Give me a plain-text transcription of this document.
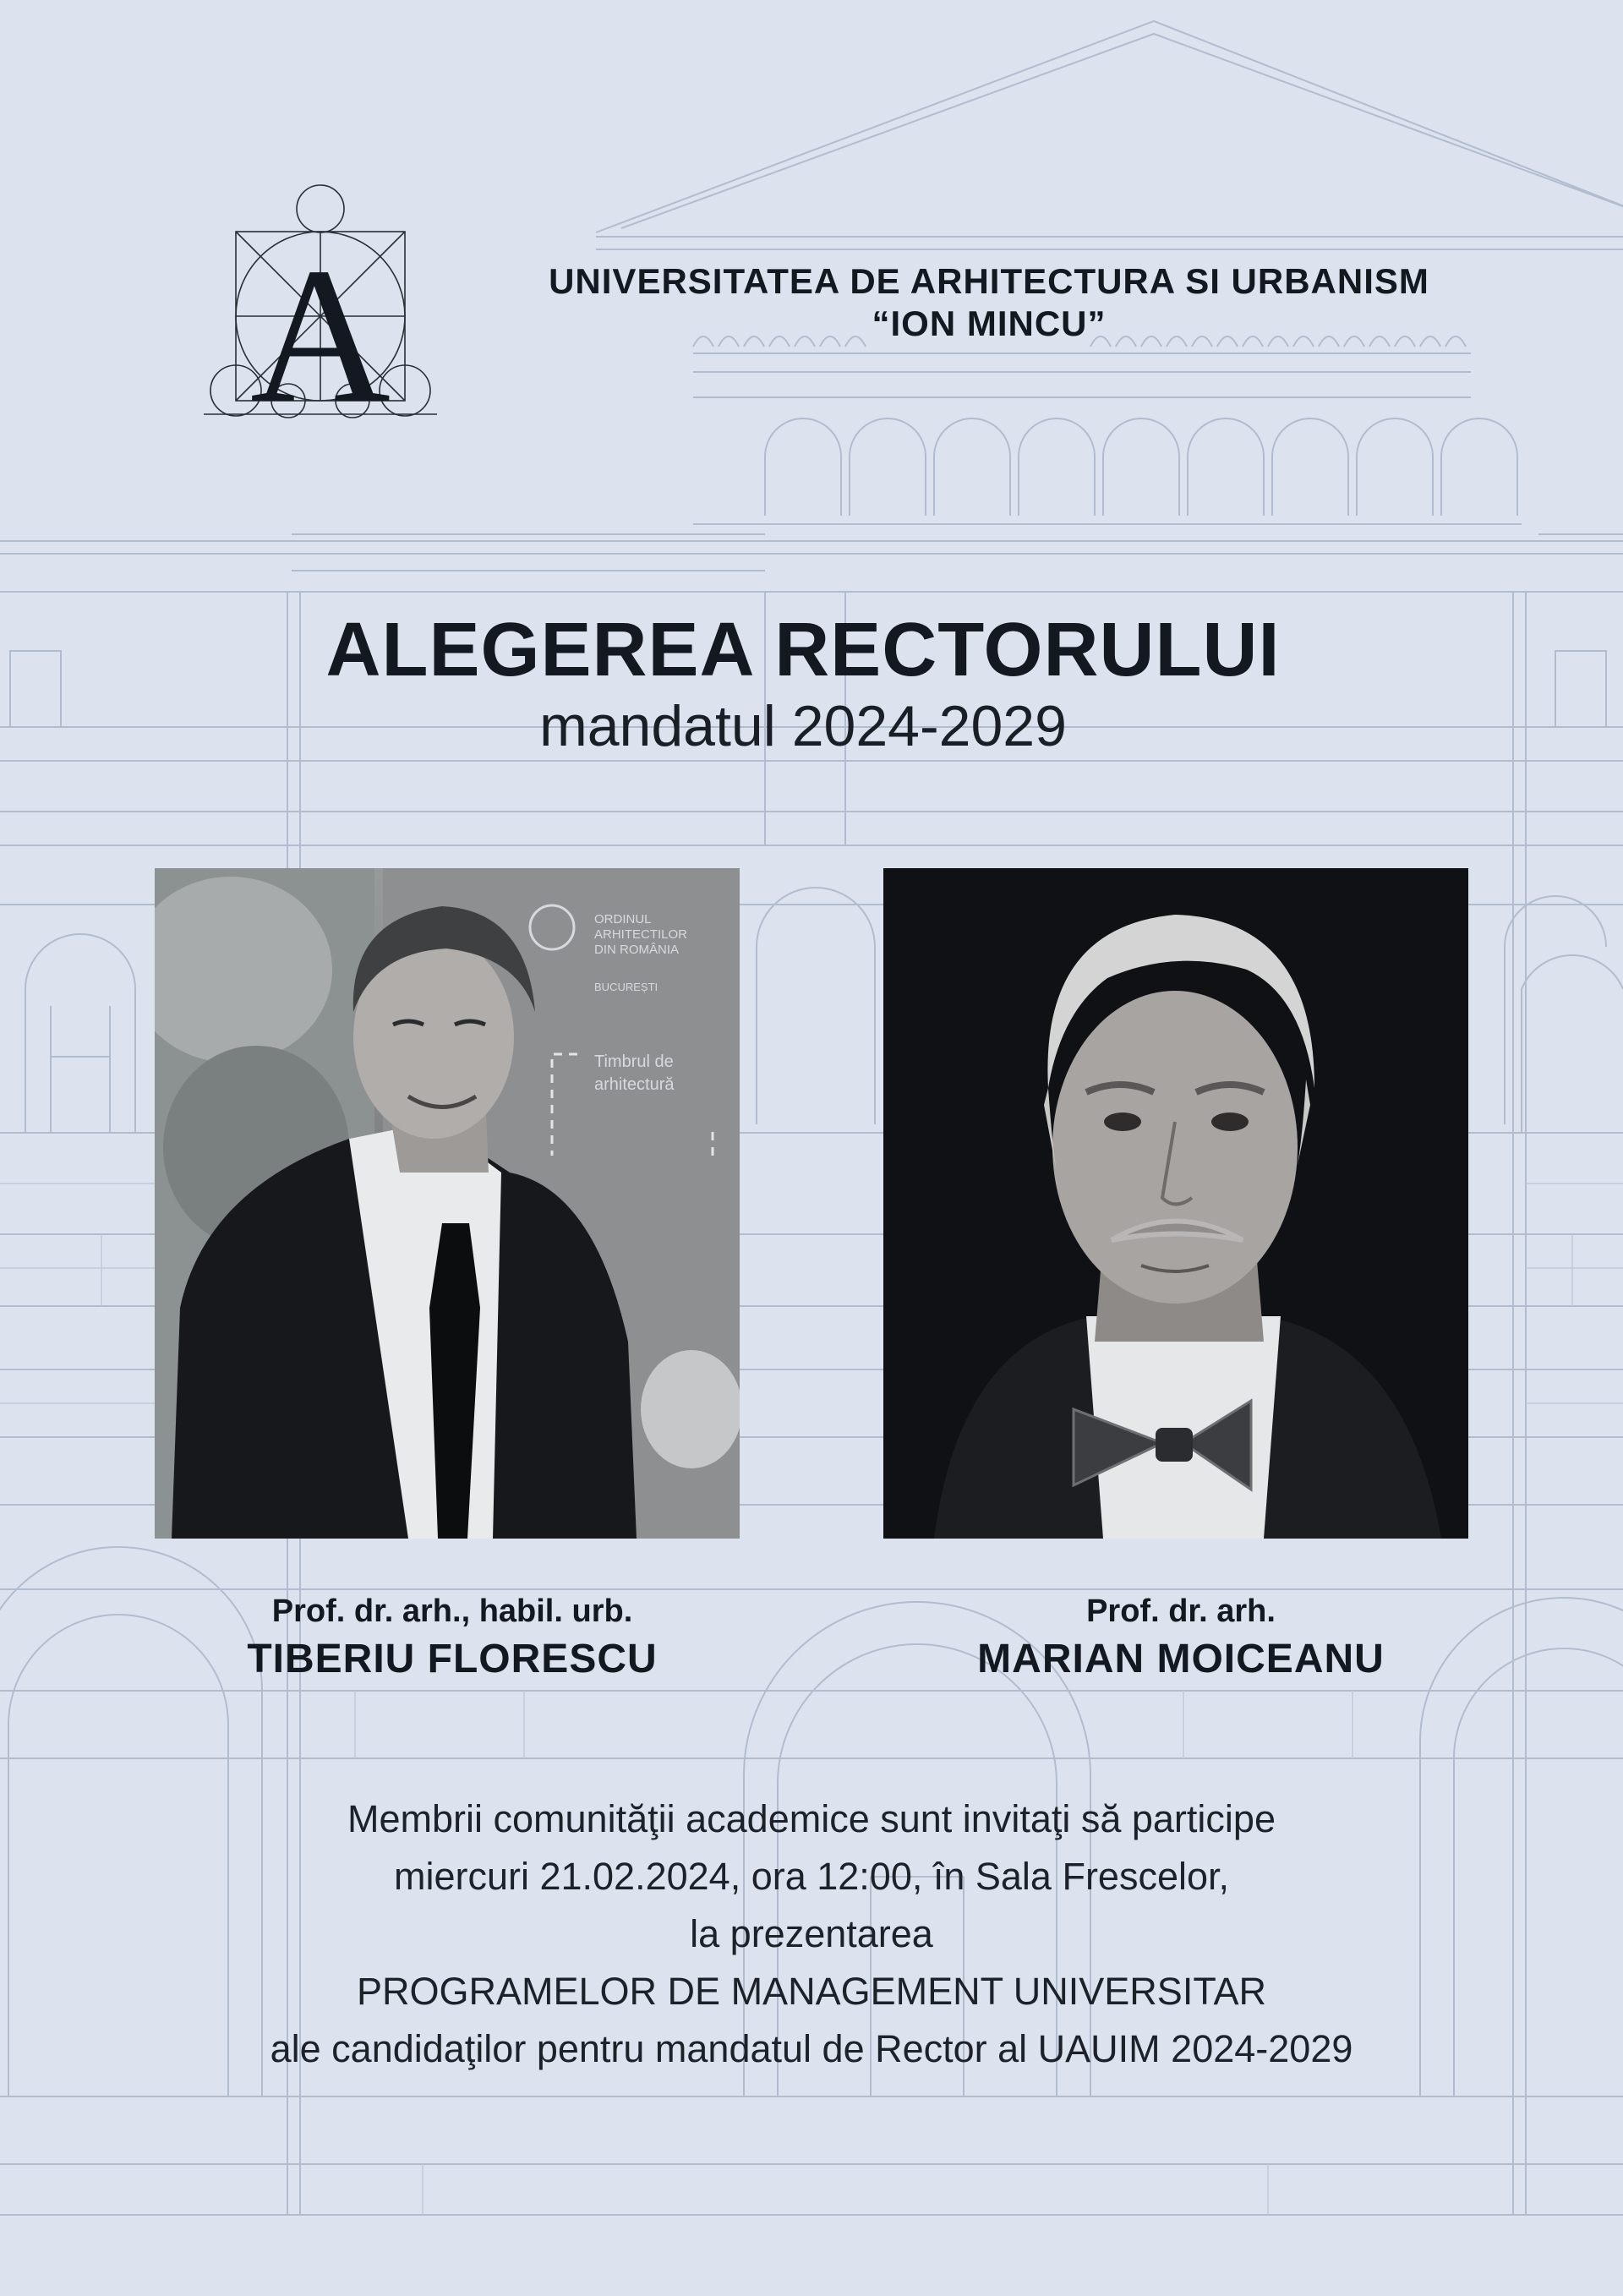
A	UNIVERSITATEA DE ARHITECTURA SI URBANISM
“ION MINCU”
ALEGEREA RECTORULUI
mandatul 2024-2029
ORDINUL
ARHITECTILOR
DIN ROMÂNIA
BUCUREȘTI
Timbrul de
arhitectură
Prof. dr. arh., habil. urb.
TIBERIU FLORESCU
Prof. dr. arh.
MARIAN MOICEANU
Membrii comunităţii academice sunt invitaţi să participe
miercuri 21.02.2024, ora 12:00, în Sala Frescelor,
la prezentarea
PROGRAMELOR DE MANAGEMENT UNIVERSITAR
ale candidaţilor pentru mandatul de Rector al UAUIM 2024-2029
